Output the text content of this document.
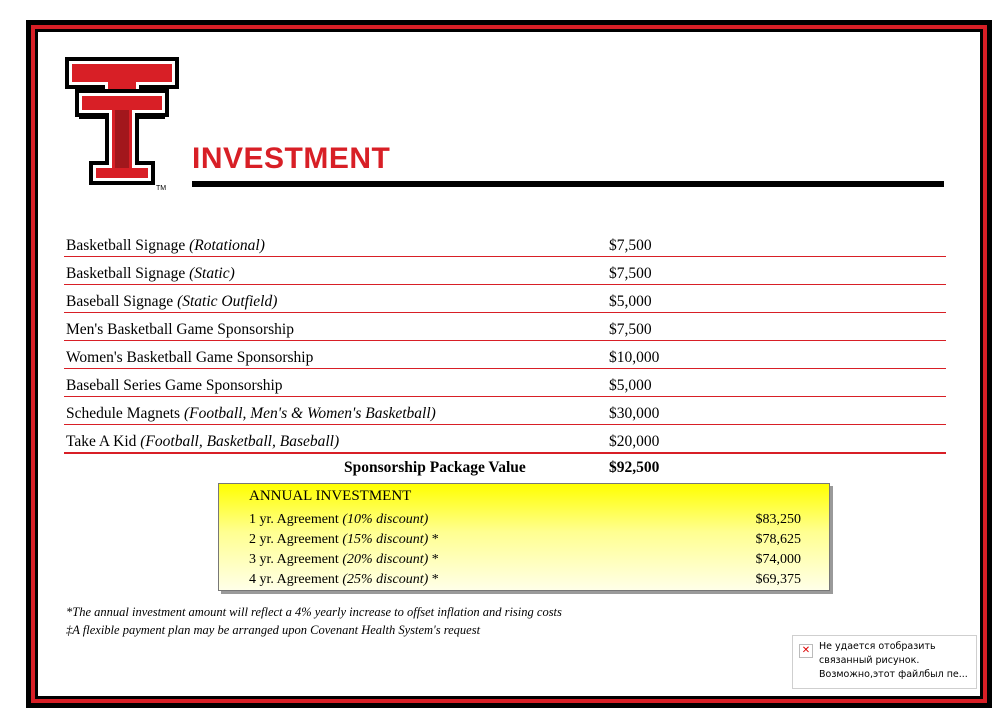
TM
INVESTMENT
Basketball Signage (Rotational)	$7,500
Basketball Signage (Static)	$7,500
Baseball Signage (Static Outfield)	$5,000
Men's Basketball Game Sponsorship	$7,500
Women's Basketball Game Sponsorship	$10,000
Baseball Series Game Sponsorship	$5,000
Schedule Magnets (Football, Men's & Women's Basketball)	$30,000
Take A Kid (Football, Basketball, Baseball)	$20,000
Sponsorship Package Value	$92,500
ANNUAL INVESTMENT
1 yr. Agreement (10% discount)	$83,250
2 yr. Agreement (15% discount) *	$78,625
3 yr. Agreement (20% discount) *	$74,000
4 yr. Agreement (25% discount) *	$69,375
*The annual investment amount will reflect a 4% yearly increase to offset inflation and rising costs
‡A flexible payment plan may be arranged upon Covenant Health System's request
✕ Не удается отобразить
связанный рисунок.
Возможно,этот файлбыл пе...
